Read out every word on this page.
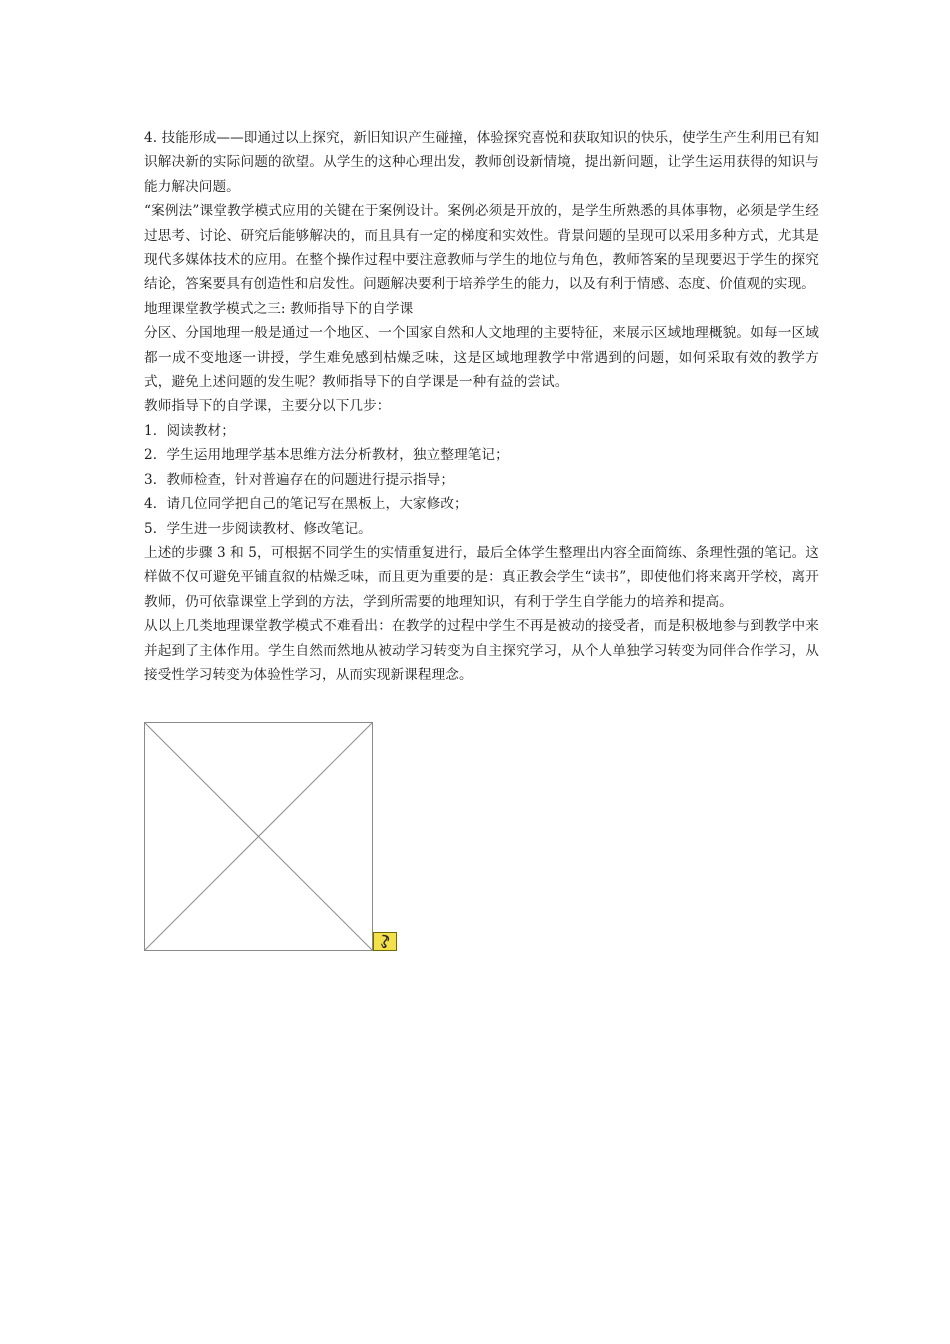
4. 技能形成——即通过以上探究，新旧知识产生碰撞，体验探究喜悦和获取知识的快乐，使学生产生利用已有知识解决新的实际问题的欲望。从学生的这种心理出发，教师创设新情境，提出新问题，让学生运用获得的知识与能力解决问题。

“案例法”课堂教学模式应用的关键在于案例设计。案例必须是开放的，是学生所熟悉的具体事物，必须是学生经过思考、讨论、研究后能够解决的，而且具有一定的梯度和实效性。背景问题的呈现可以采用多种方式，尤其是现代多媒体技术的应用。在整个操作过程中要注意教师与学生的地位与角色，教师答案的呈现要迟于学生的探究结论，答案要具有创造性和启发性。问题解决要利于培养学生的能力，以及有利于情感、态度、价值观的实现。

地理课堂教学模式之三: 教师指导下的自学课

分区、分国地理一般是通过一个地区、一个国家自然和人文地理的主要特征，来展示区域地理概貌。如每一区域都一成不变地逐一讲授，学生难免感到枯燥乏味，这是区域地理教学中常遇到的问题，如何采取有效的教学方式，避免上述问题的发生呢？教师指导下的自学课是一种有益的尝试。

教师指导下的自学课，主要分以下几步：

1．阅读教材；

2．学生运用地理学基本思维方法分析教材，独立整理笔记；

3．教师检查，针对普遍存在的问题进行提示指导；

4．请几位同学把自己的笔记写在黑板上，大家修改；

5．学生进一步阅读教材、修改笔记。

上述的步骤 3 和 5，可根据不同学生的实情重复进行，最后全体学生整理出内容全面简练、条理性强的笔记。这样做不仅可避免平铺直叙的枯燥乏味，而且更为重要的是：真正教会学生“读书”，即使他们将来离开学校，离开教师，仍可依靠课堂上学到的方法，学到所需要的地理知识，有利于学生自学能力的培养和提高。

从以上几类地理课堂教学模式不难看出：在教学的过程中学生不再是被动的接受者，而是积极地参与到教学中来并起到了主体作用。学生自然而然地从被动学习转变为自主探究学习，从个人单独学习转变为同伴合作学习，从接受性学习转变为体验性学习，从而实现新课程理念。
